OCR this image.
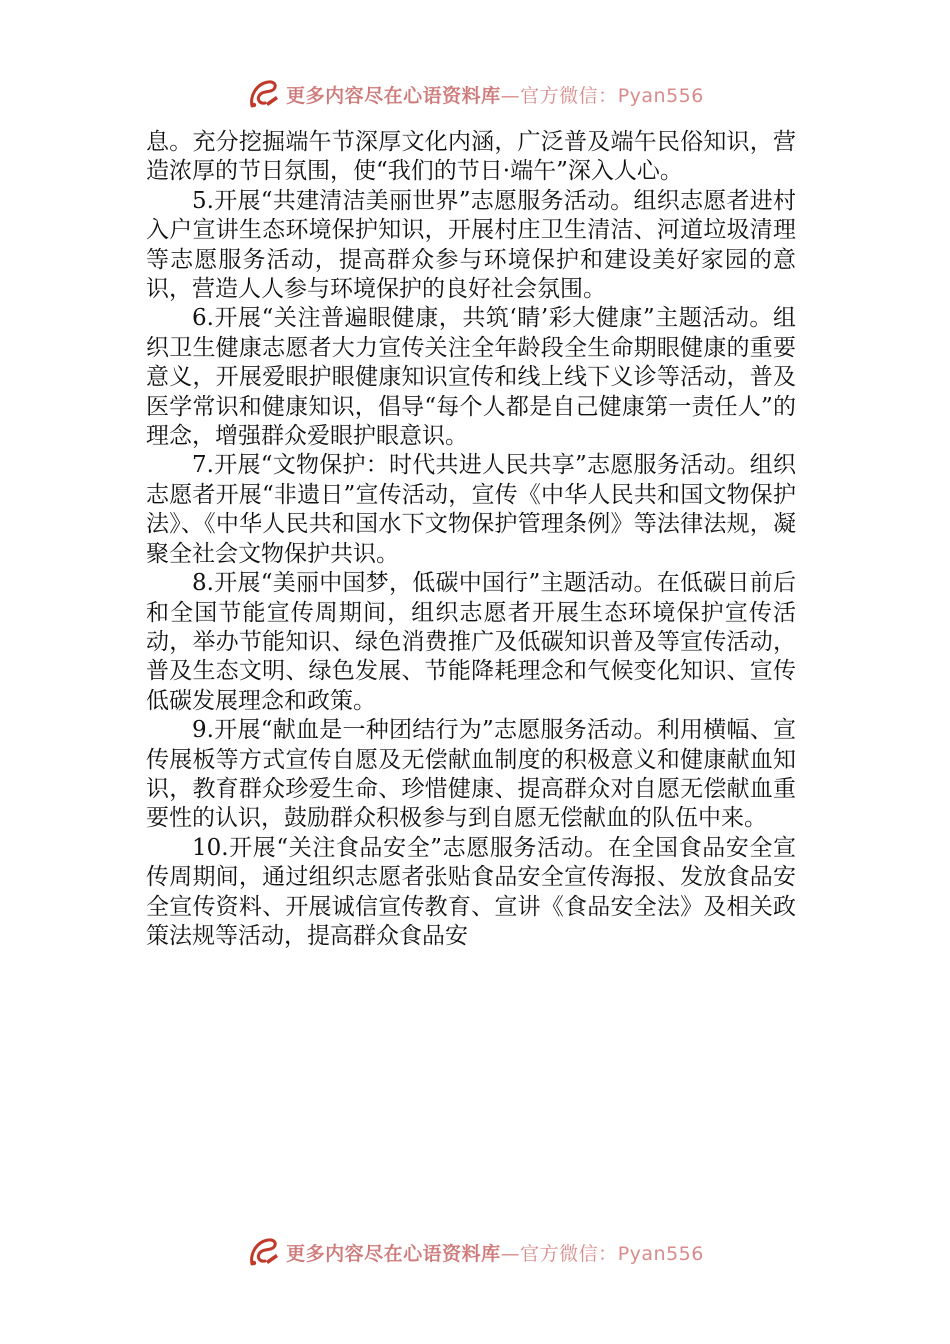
更多内容尽在心语资料库—官方微信：Pyan556

息。充分挖掘端午节深厚文化内涵，广泛普及端午民俗知识，营造浓厚的节日氛围，使“我们的节日·端午”深入人心。

5.开展“共建清洁美丽世界”志愿服务活动。组织志愿者进村入户宣讲生态环境保护知识，开展村庄卫生清洁、河道垃圾清理等志愿服务活动，提高群众参与环境保护和建设美好家园的意识，营造人人参与环境保护的良好社会氛围。

6.开展“关注普遍眼健康，共筑‘睛’彩大健康”主题活动。组织卫生健康志愿者大力宣传关注全年龄段全生命期眼健康的重要意义，开展爱眼护眼健康知识宣传和线上线下义诊等活动，普及医学常识和健康知识，倡导“每个人都是自己健康第一责任人”的理念，增强群众爱眼护眼意识。

7.开展“文物保护：时代共进人民共享”志愿服务活动。组织志愿者开展“非遗日”宣传活动，宣传《中华人民共和国文物保护法》、《中华人民共和国水下文物保护管理条例》等法律法规，凝聚全社会文物保护共识。

8.开展“美丽中国梦，低碳中国行”主题活动。在低碳日前后和全国节能宣传周期间，组织志愿者开展生态环境保护宣传活动，举办节能知识、绿色消费推广及低碳知识普及等宣传活动，普及生态文明、绿色发展、节能降耗理念和气候变化知识、宣传低碳发展理念和政策。

9.开展“献血是一种团结行为”志愿服务活动。利用横幅、宣传展板等方式宣传自愿及无偿献血制度的积极意义和健康献血知识，教育群众珍爱生命、珍惜健康、提高群众对自愿无偿献血重要性的认识，鼓励群众积极参与到自愿无偿献血的队伍中来。

10.开展“关注食品安全”志愿服务活动。在全国食品安全宣传周期间，通过组织志愿者张贴食品安全宣传海报、发放食品安全宣传资料、开展诚信宣传教育、宣讲《食品安全法》及相关政策法规等活动，提高群众食品安

更多内容尽在心语资料库—官方微信：Pyan556
